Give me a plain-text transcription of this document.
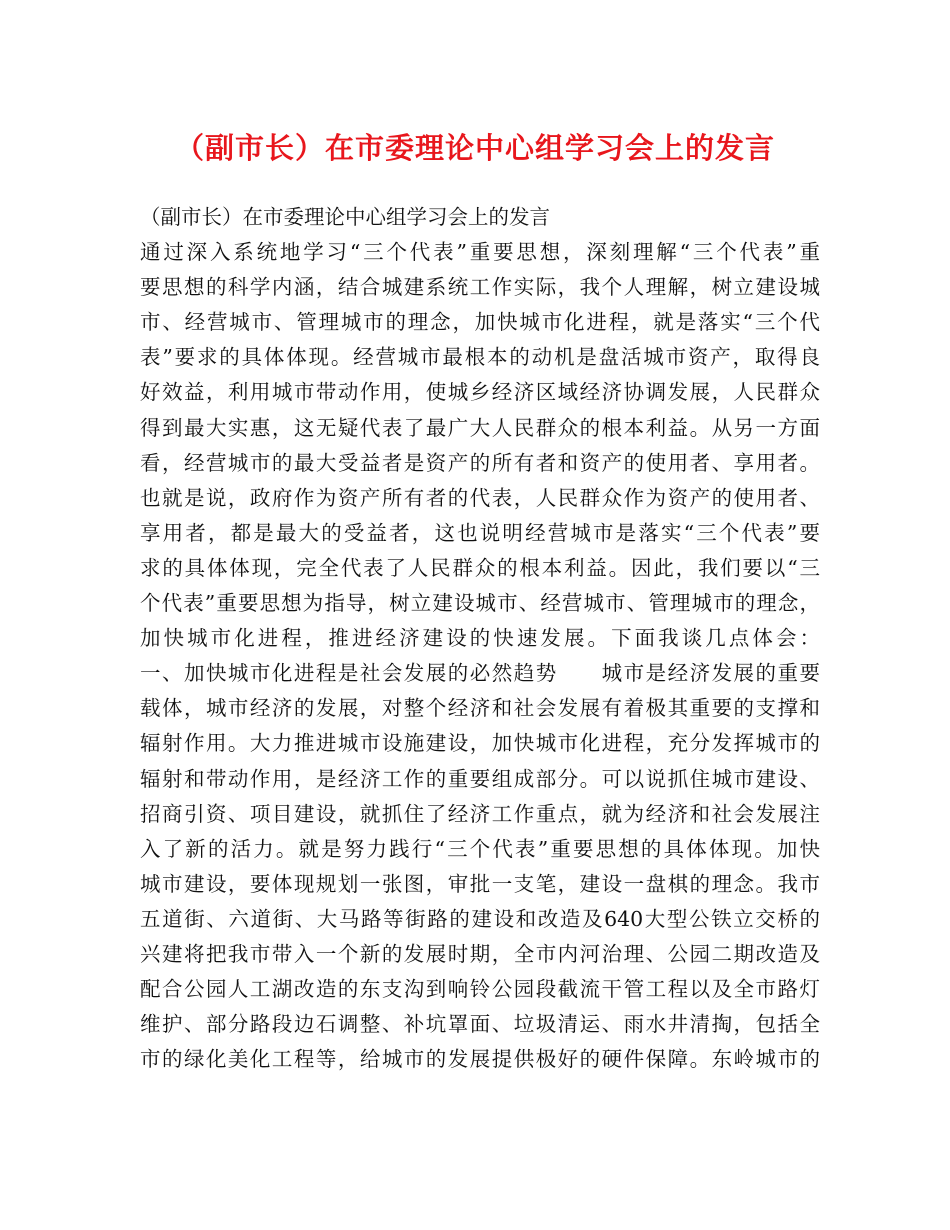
（副市长）在市委理论中心组学习会上的发言
（副市长）在市委理论中心组学习会上的发言
通过深入系统地学习“三个代表”重要思想，深刻理解“三个代表”重
要思想的科学内涵，结合城建系统工作实际，我个人理解，树立建设城
市、经营城市、管理城市的理念，加快城市化进程，就是落实“三个代
表”要求的具体体现。经营城市最根本的动机是盘活城市资产，取得良
好效益，利用城市带动作用，使城乡经济区域经济协调发展，人民群众
得到最大实惠，这无疑代表了最广大人民群众的根本利益。从另一方面
看，经营城市的最大受益者是资产的所有者和资产的使用者、享用者。
也就是说，政府作为资产所有者的代表，人民群众作为资产的使用者、
享用者，都是最大的受益者，这也说明经营城市是落实“三个代表”要
求的具体体现，完全代表了人民群众的根本利益。因此，我们要以“三
个代表”重要思想为指导，树立建设城市、经营城市、管理城市的理念，
加快城市化进程，推进经济建设的快速发展。下面我谈几点体会：
一、加快城市化进程是社会发展的必然趋势　　城市是经济发展的重要
载体，城市经济的发展，对整个经济和社会发展有着极其重要的支撑和
辐射作用。大力推进城市设施建设，加快城市化进程，充分发挥城市的
辐射和带动作用，是经济工作的重要组成部分。可以说抓住城市建设、
招商引资、项目建设，就抓住了经济工作重点，就为经济和社会发展注
入了新的活力。就是努力践行“三个代表”重要思想的具体体现。加快
城市建设，要体现规划一张图，审批一支笔，建设一盘棋的理念。我市
五道街、六道街、大马路等街路的建设和改造及640大型公铁立交桥的
兴建将把我市带入一个新的发展时期，全市内河治理、公园二期改造及
配合公园人工湖改造的东支沟到响铃公园段截流干管工程以及全市路灯
维护、部分路段边石调整、补坑罩面、垃圾清运、雨水井清掏，包括全
市的绿化美化工程等，给城市的发展提供极好的硬件保障。东岭城市的
